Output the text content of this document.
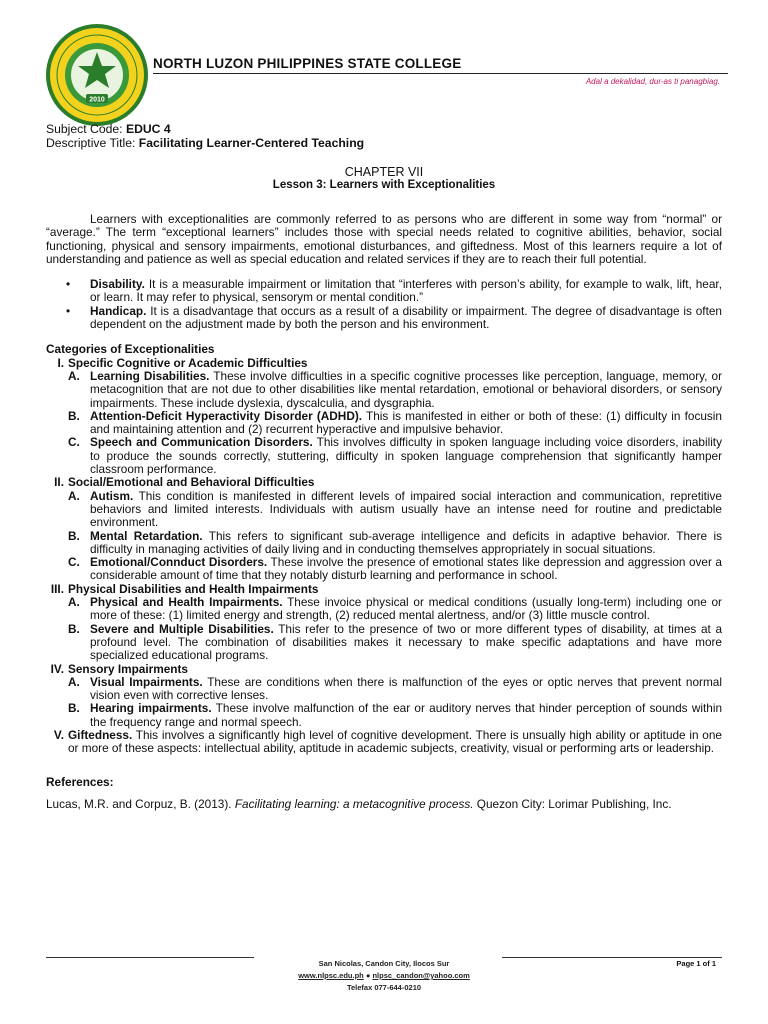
2010
NORTH LUZON PHILIPPINES STATE COLLEGE
Adal a dekalidad, dur-as ti panagbiag.
Subject Code: EDUC 4
Descriptive Title: Facilitating Learner-Centered Teaching
CHAPTER VII
Lesson 3: Learners with Exceptionalities

Learners with exceptionalities are commonly referred to as persons who are different in some way from “normal” or “average.” The term “exceptional learners” includes those with special needs related to cognitive abilities, behavior, social functioning, physical and sensory impairments, emotional disturbances, and giftedness. Most of this learners require a lot of understanding and patience as well as special education and related services if they are to reach their full potential.

• Disability. It is a measurable impairment or limitation that “interferes with person’s ability, for example to walk, lift, hear, or learn. It may refer to physical, sensorym or mental condition.”
• Handicap. It is a disadvantage that occurs as a result of a disability or impairment. The degree of disadvantage is often dependent on the adjustment made by both the person and his environment.
Categories of Exceptionalities
I. Specific Cognitive or Academic Difficulties
A. Learning Disabilities. These involve difficulties in a specific cognitive processes like perception, language, memory, or metacognition that are not due to other disabilities like mental retardation, emotional or behavioral disorders, or sensory impairments. These include dyslexia, dyscalculia, and dysgraphia.
B. Attention-Deficit Hyperactivity Disorder (ADHD). This is manifested in either or both of these: (1) difficulty in focusin and maintaining attention and (2) recurrent hyperactive and impulsive behavior.
C. Speech and Communication Disorders. This involves difficulty in spoken language including voice disorders, inability to produce the sounds correctly, stuttering, difficulty in spoken language comprehension that significantly hamper classroom performance.
II. Social/Emotional and Behavioral Difficulties
A. Autism. This condition is manifested in different levels of impaired social interaction and communication, repretitive behaviors and limited interests. Individuals with autism usually have an intense need for routine and predictable environment.
B. Mental Retardation. This refers to significant sub-average intelligence and deficits in adaptive behavior. There is difficulty in managing activities of daily living and in conducting themselves appropriately in socual situations.
C. Emotional/Connduct Disorders. These involve the presence of emotional states like depression and aggression over a considerable amount of time that they notably disturb learning and performance in school.
III. Physical Disabilities and Health Impairments
A. Physical and Health Impairments. These invoice physical or medical conditions (usually long-term) including one or more of these: (1) limited energy and strength, (2) reduced mental alertness, and/or (3) little muscle control.
B. Severe and Multiple Disabilities. This refer to the presence of two or more different types of disability, at times at a profound level. The combination of disabilities makes it necessary to make specific adaptations and have more specialized educational programs.
IV. Sensory Impairments
A. Visual Impairments. These are conditions when there is malfunction of the eyes or optic nerves that prevent normal vision even with corrective lenses.
B. Hearing impairments. These involve malfunction of the ear or auditory nerves that hinder perception of sounds within the frequency range and normal speech.
V. Giftedness. This involves a significantly high level of cognitive development. There is unsually high ability or aptitude in one or more of these aspects: intellectual ability, aptitude in academic subjects, creativity, visual or performing arts or leadership.
References:
Lucas, M.R. and Corpuz, B. (2013). Facilitating learning: a metacognitive process. Quezon City: Lorimar Publishing, Inc.
Page 1 of 1
San Nicolas, Candon City, Ilocos Sur
www.nlpsc.edu.ph ● nlpsc_candon@yahoo.com
Telefax 077-644-0210
